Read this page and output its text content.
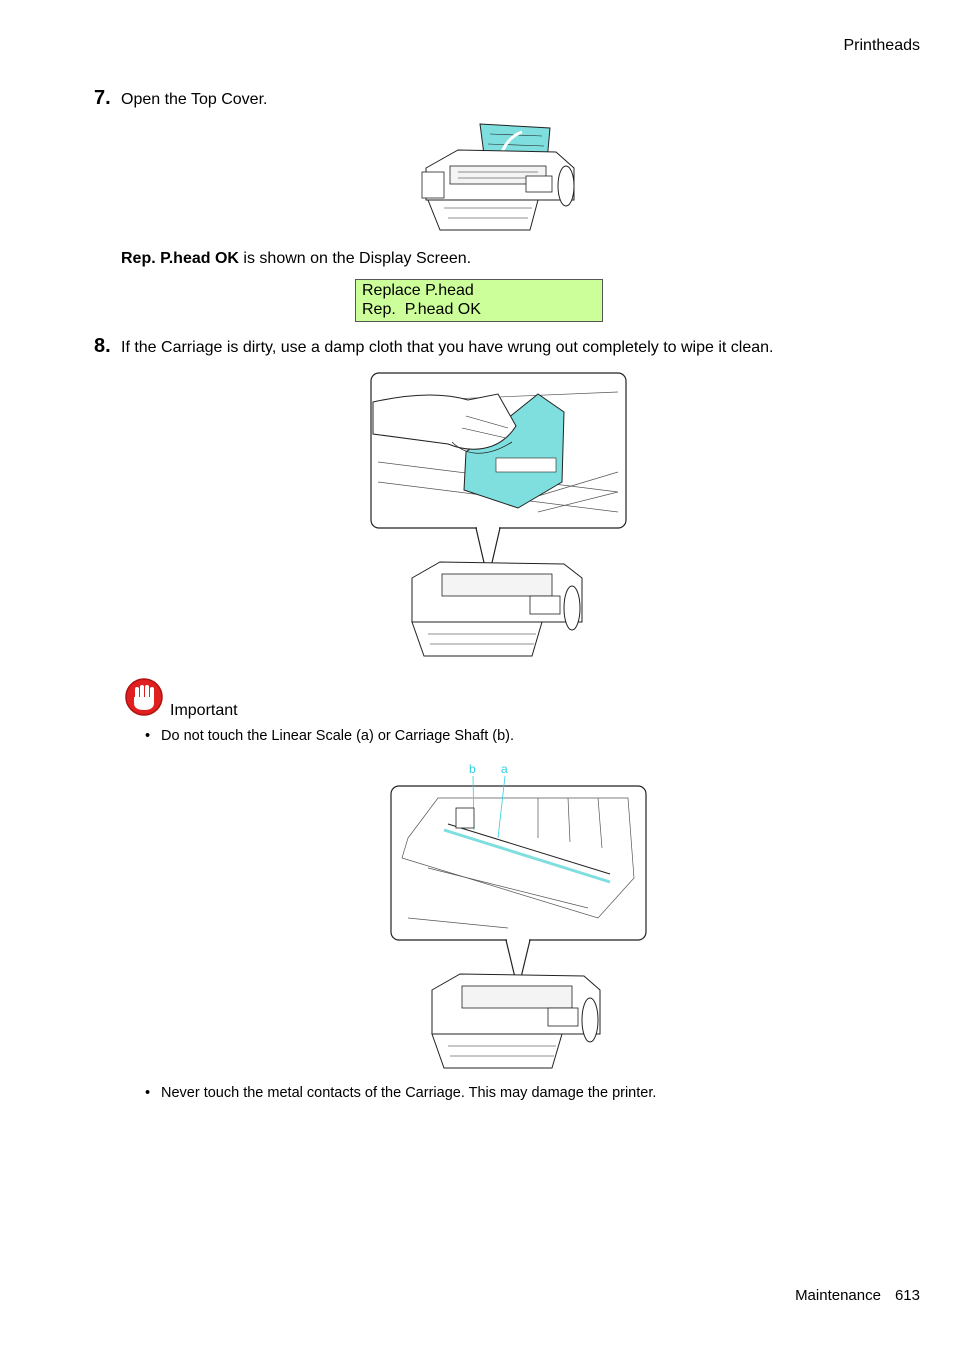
Printheads
7. Open the Top Cover.
Rep. P.head OK is shown on the Display Screen.
Replace P.head
Rep.  P.head OK
8. If the Carriage is dirty, use a damp cloth that you have wrung out completely to wipe it clean.
Important
• Do not touch the Linear Scale (a) or Carriage Shaft (b).
b a
• Never touch the metal contacts of the Carriage. This may damage the printer.
Maintenance 613
